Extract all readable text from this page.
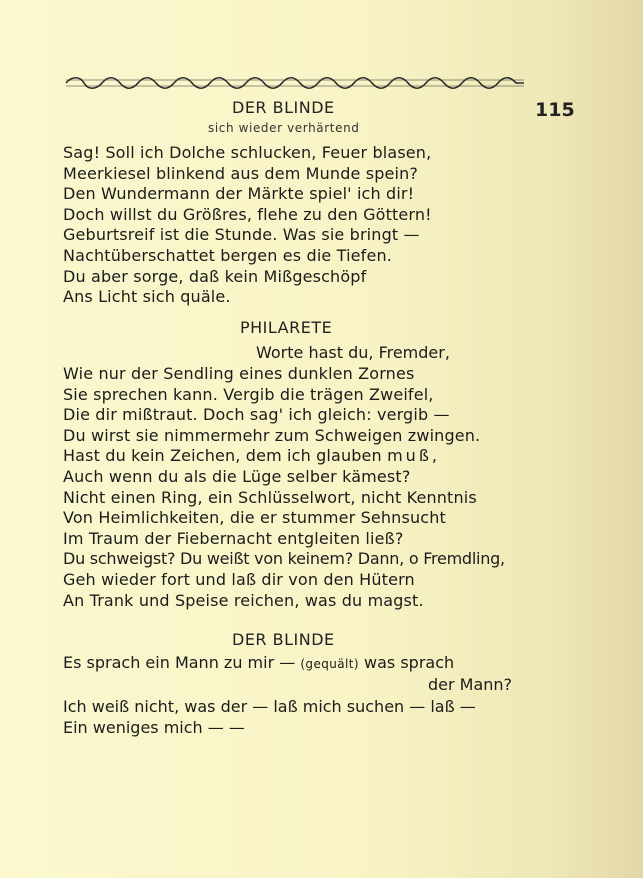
115
DER BLINDE
sich wieder verhärtend
Sag! Soll ich Dolche schlucken, Feuer blasen,
Meerkiesel blinkend aus dem Munde spein?
Den Wundermann der Märkte spiel' ich dir!
Doch willst du Größres, flehe zu den Göttern!
Geburtsreif ist die Stunde. Was sie bringt —
Nachtüberschattet bergen es die Tiefen.
Du aber sorge, daß kein Mißgeschöpf
Ans Licht sich quäle.
PHILARETE
Worte hast du, Fremder,
Wie nur der Sendling eines dunklen Zornes
Sie sprechen kann. Vergib die trägen Zweifel,
Die dir mißtraut. Doch sag' ich gleich: vergib —
Du wirst sie nimmermehr zum Schweigen zwingen.
Hast du kein Zeichen, dem ich glauben muß,
Auch wenn du als die Lüge selber kämest?
Nicht einen Ring, ein Schlüsselwort, nicht Kenntnis
Von Heimlichkeiten, die er stummer Sehnsucht
Im Traum der Fiebernacht entgleiten ließ?
Du schweigst? Du weißt von keinem? Dann, o Fremdling,
Geh wieder fort und laß dir von den Hütern
An Trank und Speise reichen, was du magst.
DER BLINDE
Es sprach ein Mann zu mir — (gequält) was sprach
der Mann?
Ich weiß nicht, was der — laß mich suchen — laß —
Ein weniges mich — —
